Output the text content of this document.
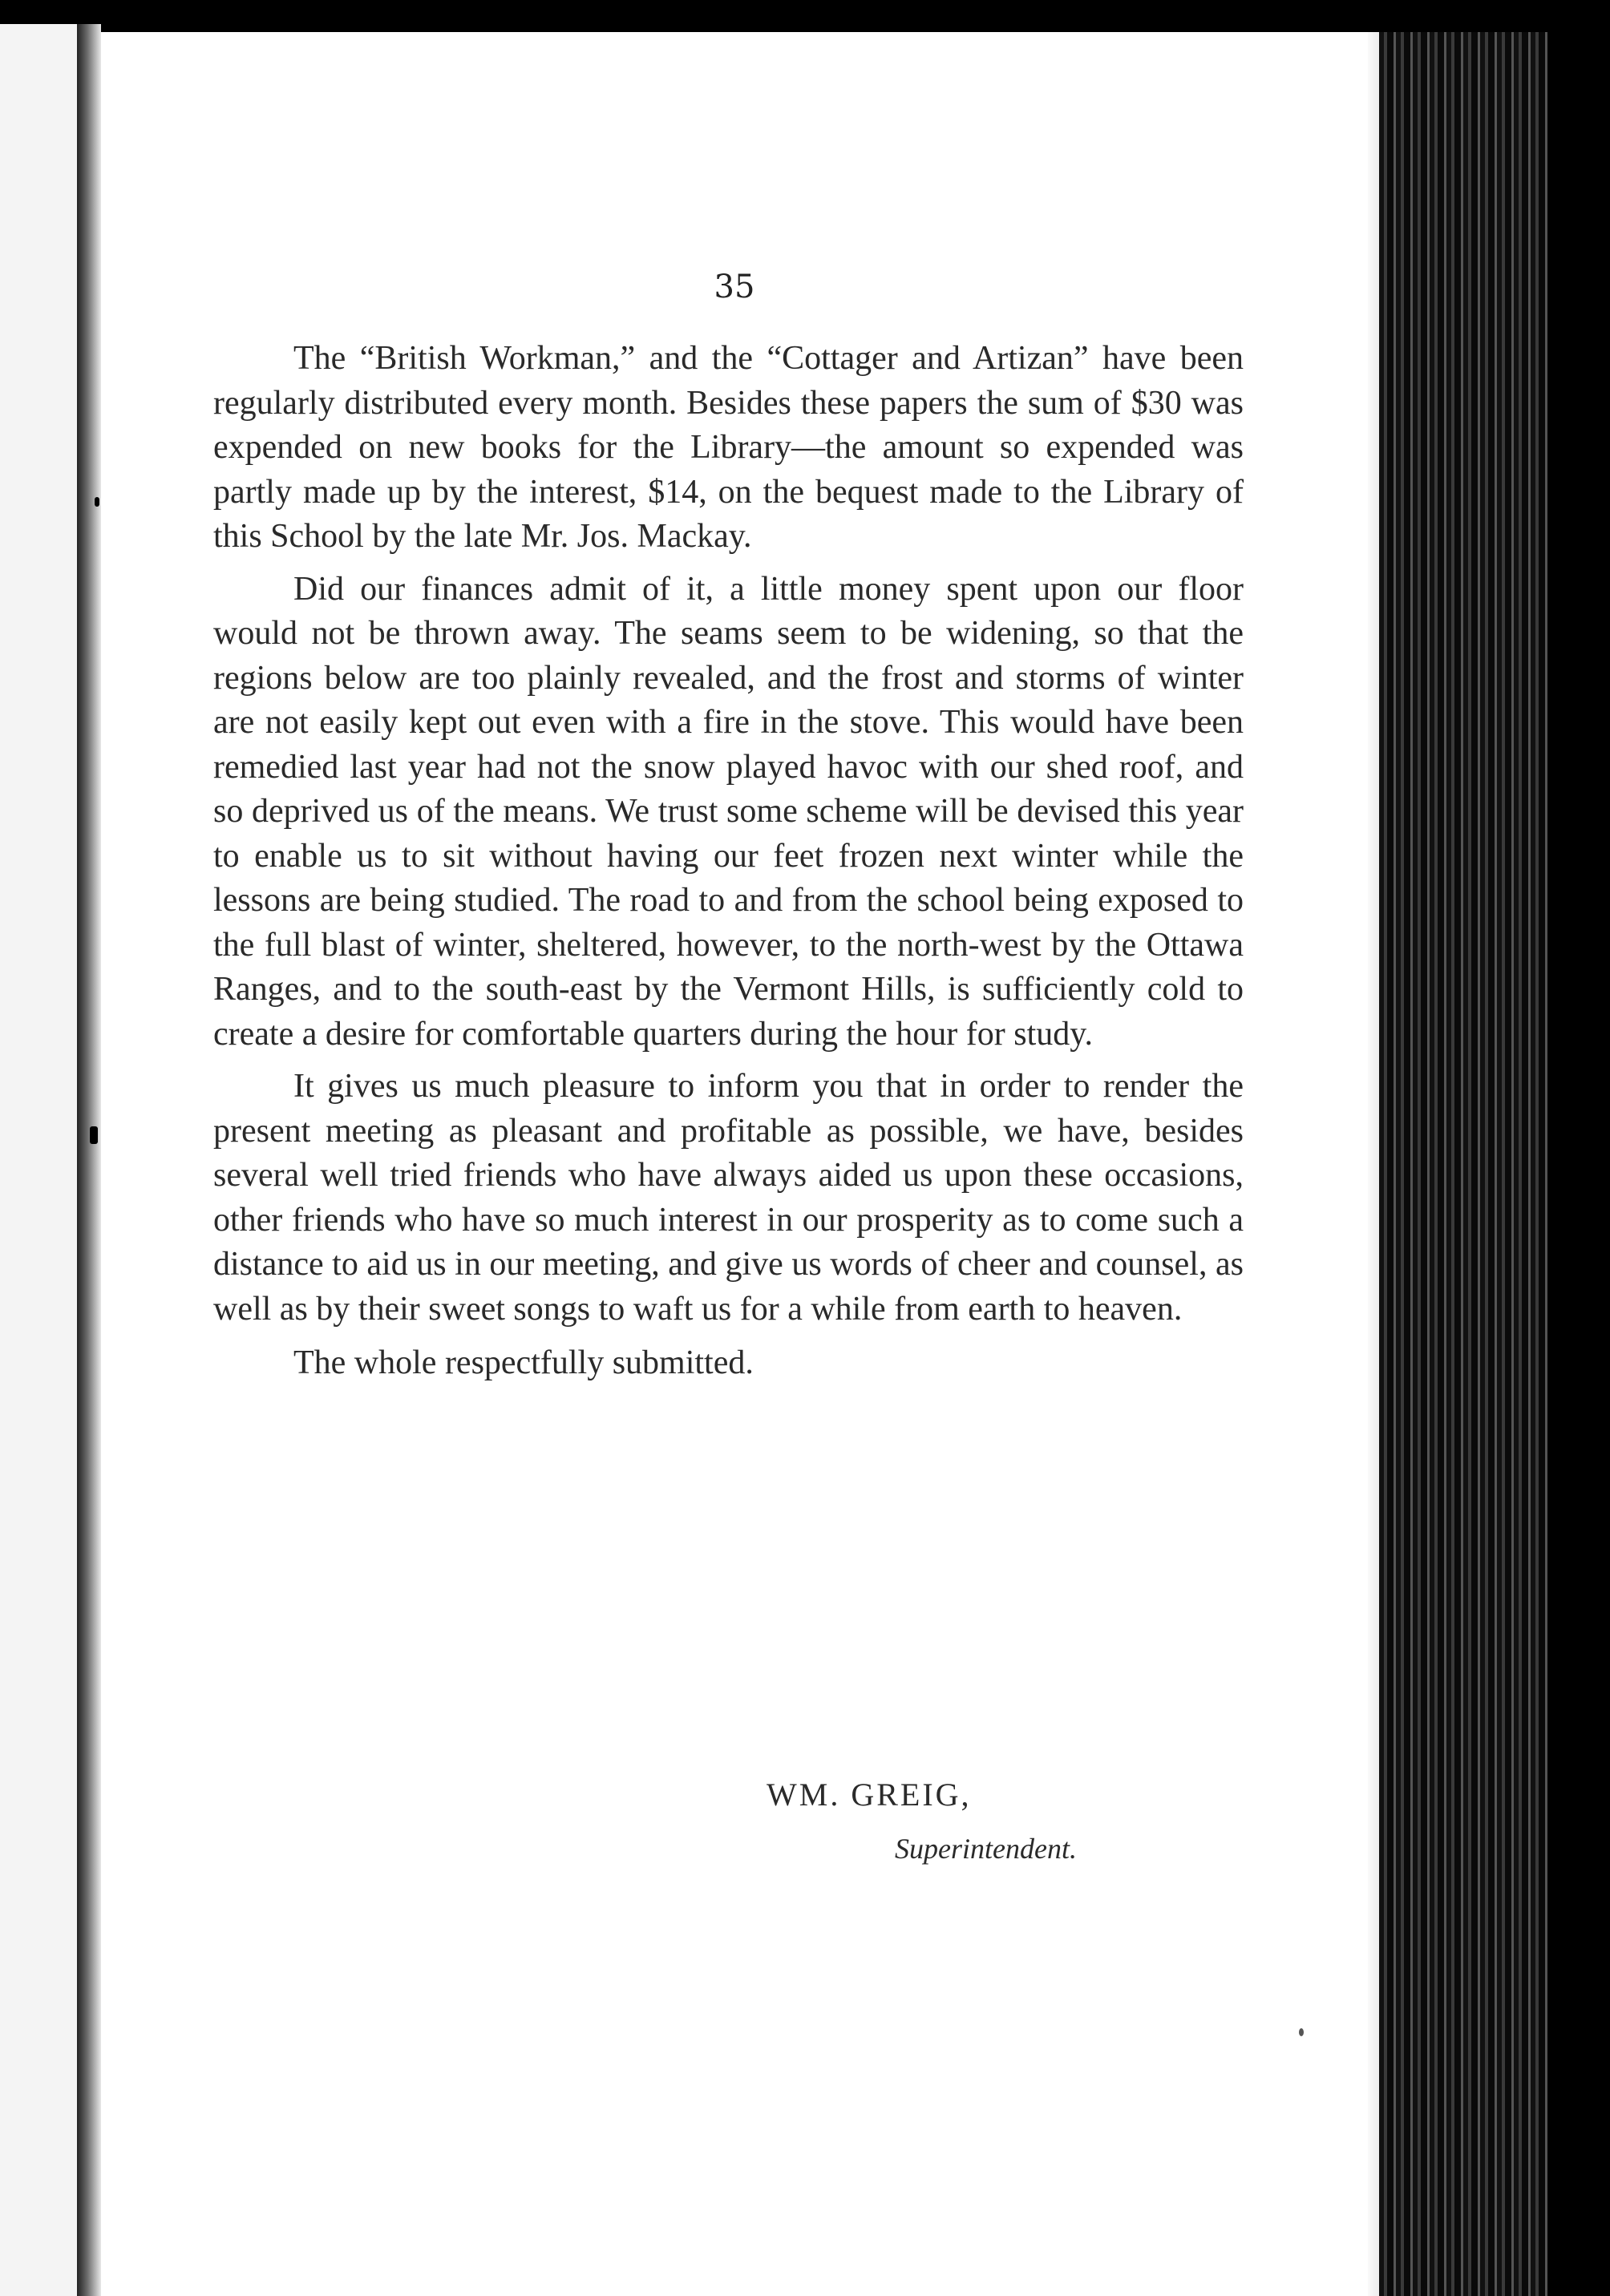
35

The “British Workman,” and the “Cottager and Artizan” have been regularly distributed every month. Besides these papers the sum of $30 was expended on new books for the Library—the amount so expended was partly made up by the interest, $14, on the bequest made to the Library of this School by the late Mr. Jos. Mackay.

Did our finances admit of it, a little money spent upon our floor would not be thrown away. The seams seem to be widening, so that the regions below are too plainly revealed, and the frost and storms of winter are not easily kept out even with a fire in the stove. This would have been remedied last year had not the snow played havoc with our shed roof, and so deprived us of the means. We trust some scheme will be devised this year to enable us to sit without having our feet frozen next winter while the lessons are being studied. The road to and from the school being exposed to the full blast of winter, sheltered, however, to the north-west by the Ottawa Ranges, and to the south-east by the Vermont Hills, is sufficiently cold to create a desire for comfortable quarters during the hour for study.

It gives us much pleasure to inform you that in order to render the present meeting as pleasant and profitable as possible, we have, besides several well tried friends who have always aided us upon these occasions, other friends who have so much interest in our prosperity as to come such a distance to aid us in our meeting, and give us words of cheer and counsel, as well as by their sweet songs to waft us for a while from earth to heaven.

The whole respectfully submitted.

WM. GREIG,
Superintendent.
